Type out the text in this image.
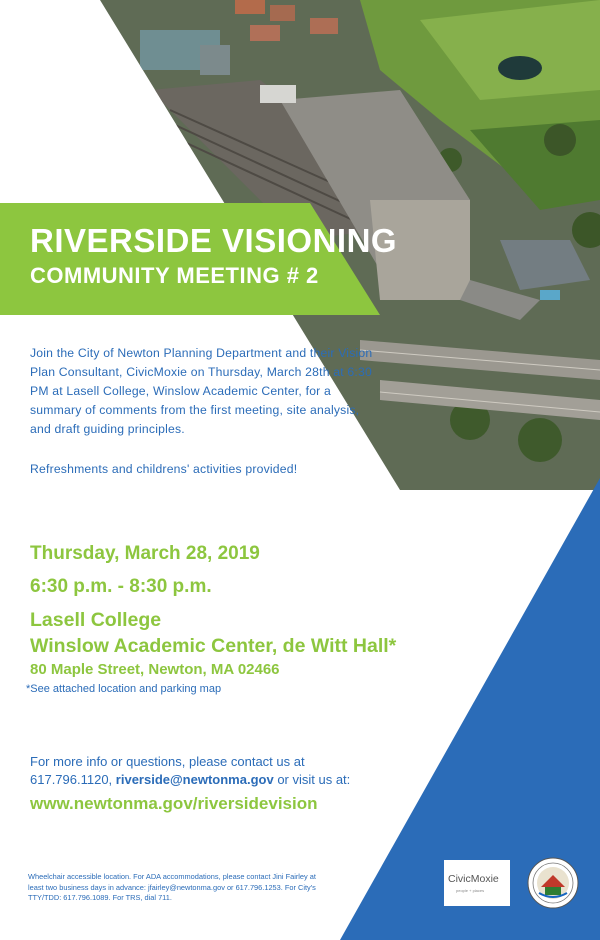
RIVERSIDE VISIONING
COMMUNITY MEETING # 2

Join the City of Newton Planning Department and their Vision Plan Consultant, CivicMoxie on Thursday, March 28th at 6:30 PM at Lasell College, Winslow Academic Center, for a summary of comments from the first meeting, site analysis, and draft guiding principles.

Refreshments and childrens' activities provided!

Thursday, March 28, 2019
6:30 p.m. - 8:30 p.m.
Lasell College
Winslow Academic Center, de Witt Hall*
80 Maple Street, Newton, MA 02466
*See attached location and parking map
For more info or questions, please contact us at
617.796.1120, riverside@newtonma.gov or visit us at:
www.newtonma.gov/riversidevision

Wheelchair accessible location. For ADA accommodations, please contact Jini Fairley at least two business days in advance: jfairley@newtonma.gov or 617.796.1253. For City's TTY/TDD: 617.796.1089. For TRS, dial 711.

CivicMoxie
people + places
